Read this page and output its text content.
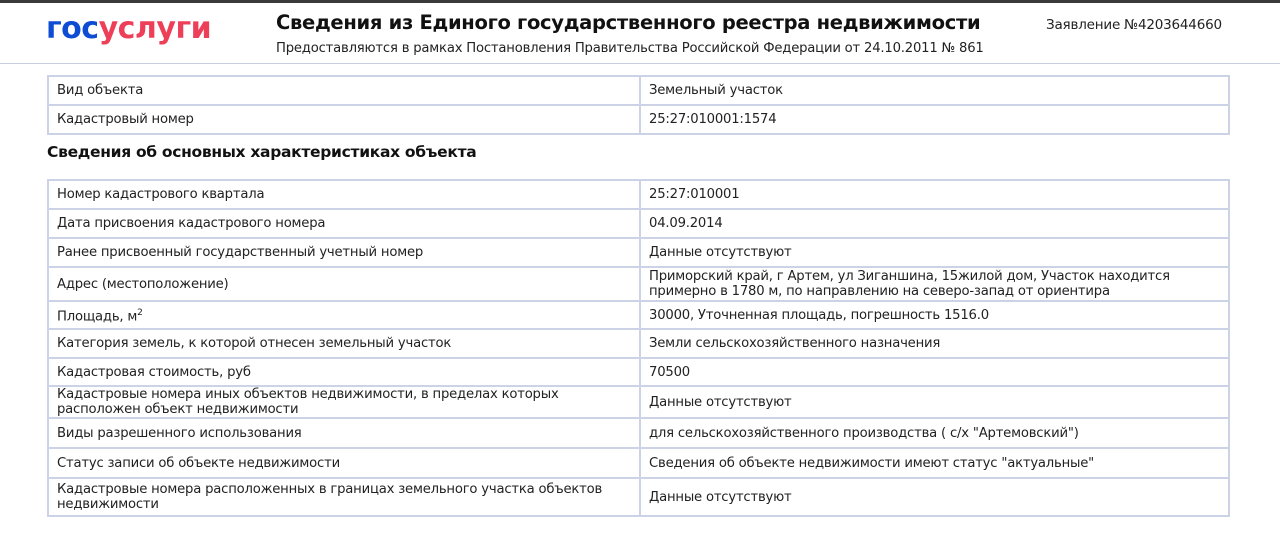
госуслуги	Сведения из Единого государственного реестра недвижимости
Предоставляются в рамках Постановления Правительства Российской Федерации от 24.10.2011 № 861
Заявление №4203644660
Вид объекта	Земельный участок
Кадастровый номер	25:27:010001:1574
Сведения об основных характеристиках объекта
Номер кадастрового квартала	25:27:010001
Дата присвоения кадастрового номера	04.09.2014
Ранее присвоенный государственный учетный номер	Данные отсутствуют
Адрес (местоположение)	Приморский край, г Артем, ул Зиганшина, 15жилой дом, Участок находится примерно в 1780 м, по направлению на северо-запад от ориентира
Площадь, $м^2$	30000, Уточненная площадь, погрешность 1516.0
Категория земель, к которой отнесен земельный участок	Земли сельскохозяйственного назначения
Кадастровая стоимость, руб	70500
Кадастровые номера иных объектов недвижимости, в пределах которых расположен объект недвижимости	Данные отсутствуют
Виды разрешенного использования	для сельскохозяйственного производства ( с/х "Артемовский")
Статус записи об объекте недвижимости	Сведения об объекте недвижимости имеют статус "актуальные"
Кадастровые номера расположенных в границах земельного участка объектов недвижимости	Данные отсутствуют
